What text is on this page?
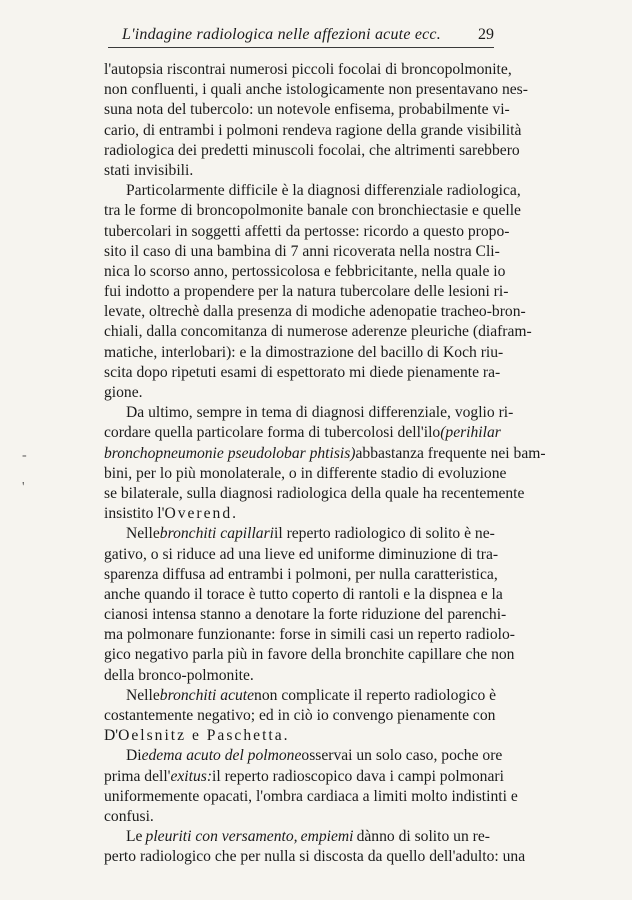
L'indagine radiologica nelle affezioni acute ecc. 29
-
'
l'autopsia riscontrai numerosi piccoli focolai di broncopolmonite,
non confluenti, i quali anche istologicamente non presentavano nes-
suna nota del tubercolo: un notevole enfisema, probabilmente vi-
cario, di entrambi i polmoni rendeva ragione della grande visibilità
radiologica dei predetti minuscoli focolai, che altrimenti sarebbero
stati invisibili.
Particolarmente difficile è la diagnosi differenziale radiologica,
tra le forme di broncopolmonite banale con bronchiectasie e quelle
tubercolari in soggetti affetti da pertosse: ricordo a questo propo-
sito il caso di una bambina di 7 anni ricoverata nella nostra Cli-
nica lo scorso anno, pertossicolosa e febbricitante, nella quale io
fui indotto a propendere per la natura tubercolare delle lesioni ri-
levate, oltrechè dalla presenza di modiche adenopatie tracheo-bron-
chiali, dalla concomitanza di numerose aderenze pleuriche (diafram-
matiche, interlobari): e la dimostrazione del bacillo di Koch riu-
scita dopo ripetuti esami di espettorato mi diede pienamente ra-
gione.
Da ultimo, sempre in tema di diagnosi differenziale, voglio ri-
cordare quella particolare forma di tubercolosi dell'ilo (perihilar
bronchopneumonie pseudolobar phtisis) abbastanza frequente nei bam-
bini, per lo più monolaterale, o in differente stadio di evoluzione
se bilaterale, sulla diagnosi radiologica della quale ha recentemente
insistito l' Overend.
Nelle bronchiti capillari il reperto radiologico di solito è ne-
gativo, o si riduce ad una lieve ed uniforme diminuzione di tra-
sparenza diffusa ad entrambi i polmoni, per nulla caratteristica,
anche quando il torace è tutto coperto di rantoli e la dispnea e la
cianosi intensa stanno a denotare la forte riduzione del parenchi-
ma polmonare funzionante: forse in simili casi un reperto radiolo-
gico negativo parla più in favore della bronchite capillare che non
della bronco-polmonite.
Nelle bronchiti acute non complicate il reperto radiologico è
costantemente negativo; ed in ciò io convengo pienamente con
D' Oelsnitz e Paschetta.
Di edema acuto del polmone osservai un solo caso, poche ore
prima dell' exitus: il reperto radioscopico dava i campi polmonari
uniformemente opacati, l'ombra cardiaca a limiti molto indistinti e
confusi.
Le pleuriti con versamento, empiemi dànno di solito un re-
perto radiologico che per nulla si discosta da quello dell'adulto: una
